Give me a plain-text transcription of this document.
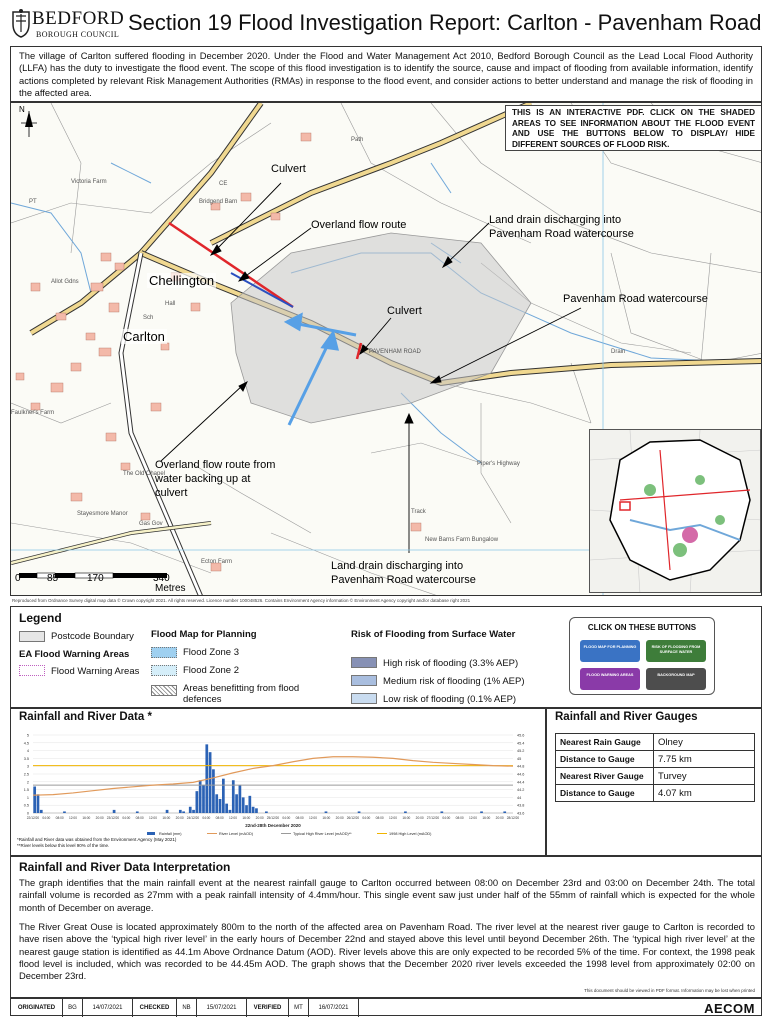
BEDFORD
BOROUGH COUNCIL Section 19 Flood Investigation Report: Carlton - Pavenham Road

The village of Carlton suffered flooding in December 2020. Under the Flood and Water Management Act 2010, Bedford Borough Council as the Lead Local Flood Authority (LLFA) has the duty to investigate the flood event. The scope of this flood investigation is to identify the source, cause and impact of flooding from available information, identify actions completed by relevant Risk Management Authorities (RMAs) in response to the flood event, and consider actions to better understand and manage the risk of flooding in the affected area.

THIS IS AN INTERACTIVE PDF. CLICK ON THE SHADED AREAS TO SEE INFORMATION ABOUT THE FLOOD EVENT AND USE THE BUTTONS BELOW TO DISPLAY/ HIDE DIFFERENT SOURCES OF FLOOD RISK.
N
Culvert
Overland flow route	Land drain discharging into Pavenham Road watercourse
Pavenham Road watercourse
Culvert
Overland flow route from water backing up at culvert
Land drain discharging into Pavenham Road watercourse
Chellington
Carlton
Victoria Farm
Allot Gdns
Faulkner's Farm
The Old Chapel
Stayesmore Manor
Piper's Highway
New Barns Farm Bungalow
Ecton Farm
Gas Gov
Bridgend Barn
Sch
Hall
Drain
Track
PAVENHAM ROAD
PT
Path
CE
0	85	170	340
Metres
Reproduced from Ordnance Survey digital map data © Crown copyright 2021. All rights reserved. Licence number 100048526. Contains Environment Agency information © Environment Agency copyright and/or database right 2021
Legend
Postcode Boundary
EA Flood Warning Areas
Flood Warning Areas
Flood Map for Planning
Flood Zone 3
Flood Zone 2
Areas benefitting from flood defences
Risk of Flooding from Surface Water
High risk of flooding (3.3% AEP)
Medium risk of flooding (1% AEP)
Low risk of flooding (0.1% AEP)
CLICK ON THESE BUTTONS
FLOOD MAP FOR PLANNING	RISK OF FLOODING FROM SURFACE WATER
FLOOD WARNING AREAS	BACKGROUND MAP
Rainfall and River Data *
0
0.5
1
1.5
2
2.5
3
3.5
4
4.5
5
43.6
43.8
44
44.2
44.4
44.6
44.8
45
45.2
45.4
45.6
22/12/20 04:00 08:00 12:00 16:00 20:00 23/12/20 04:00 08:00 12:00 16:00 20:00 24/12/20 04:00 08:00 12:00 16:00 20:00 25/12/20 04:00 08:00 12:00 16:00 20:00 26/12/20 04:00 08:00 12:00 16:00 20:00 27/12/20 04:00 08:00 12:00 16:00 20:00 28/12/20
22nd-28th December 2020
Rainfall (mm)	River Level (mAOD)	Typical High River Level (mAOD)**	1998 High Level (mAOD)
*Rainfall and River data was obtained from the Environment Agency (May 2021)
**River levels below this level 90% of the time.
Rainfall and River Gauges
Nearest Rain Gauge	Olney
Distance to Gauge	7.75 km
Nearest River Gauge	Turvey
Distance to Gauge	4.07 km
Rainfall and River Data Interpretation

The graph identifies that the main rainfall event at the nearest rainfall gauge to Carlton occurred between 08:00 on December 23rd and 03:00 on December 24th. The total rainfall volume is recorded as 27mm with a peak rainfall intensity of 4.4mm/hour. This single event saw just under half of the 55mm of rainfall which is expected for the whole month of December on average.

The River Great Ouse is located approximately 800m to the north of the affected area on Pavenham Road. The river level at the nearest river gauge to Carlton is recorded to have risen above the ‘typical high river level’ in the early hours of December 22nd and stayed above this level until beyond December 26th. The ‘typical high river level’ at the nearest gauge station is identified as 44.1m Above Ordnance Datum (AOD). River levels above this are only expected to be recorded 5% of the time. For context, the 1998 peak flood level is included, which was recorded to be 44.45m AOD. The graph shows that the December 2020 river levels exceeded the 1998 level from approximately 02:00 on December 23rd.

This document should be viewed in PDF format. Information may be lost when printed
ORIGINATED	BG	14/07/2021	CHECKED	NB	15/07/2021	VERIFIED	MT	16/07/2021	AECOM
